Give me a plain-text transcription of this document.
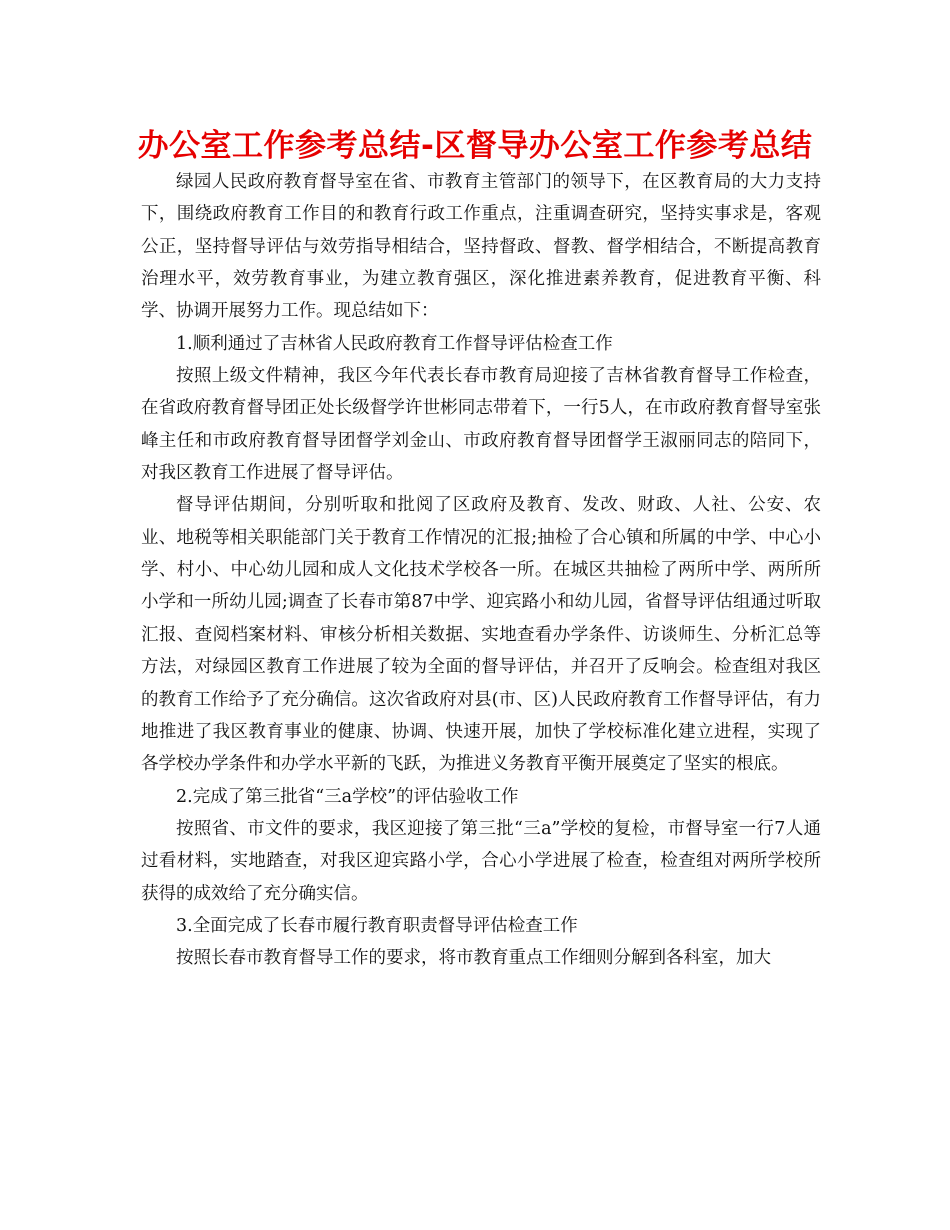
办公室工作参考总结-区督导办公室工作参考总结

绿园人民政府教育督导室在省、市教育主管部门的领导下，在区教育局的大力支持下，围绕政府教育工作目的和教育行政工作重点，注重调查研究，坚持实事求是，客观公正，坚持督导评估与效劳指导相结合，坚持督政、督教、督学相结合，不断提高教育治理水平，效劳教育事业，为建立教育强区，深化推进素养教育，促进教育平衡、科学、协调开展努力工作。现总结如下：

1.顺利通过了吉林省人民政府教育工作督导评估检查工作

按照上级文件精神，我区今年代表长春市教育局迎接了吉林省教育督导工作检查，在省政府教育督导团正处长级督学许世彬同志带着下，一行5人，在市政府教育督导室张峰主任和市政府教育督导团督学刘金山、市政府教育督导团督学王淑丽同志的陪同下，对我区教育工作进展了督导评估。

督导评估期间，分别听取和批阅了区政府及教育、发改、财政、人社、公安、农业、地税等相关职能部门关于教育工作情况的汇报;抽检了合心镇和所属的中学、中心小学、村小、中心幼儿园和成人文化技术学校各一所。在城区共抽检了两所中学、两所所小学和一所幼儿园;调查了长春市第87中学、迎宾路小和幼儿园，省督导评估组通过听取汇报、查阅档案材料、审核分析相关数据、实地查看办学条件、访谈师生、分析汇总等方法，对绿园区教育工作进展了较为全面的督导评估，并召开了反响会。检查组对我区的教育工作给予了充分确信。这次省政府对县(市、区)人民政府教育工作督导评估，有力地推进了我区教育事业的健康、协调、快速开展，加快了学校标准化建立进程，实现了各学校办学条件和办学水平新的飞跃，为推进义务教育平衡开展奠定了坚实的根底。

2.完成了第三批省“三a学校”的评估验收工作

按照省、市文件的要求，我区迎接了第三批“三a”学校的复检，市督导室一行7人通过看材料，实地踏查，对我区迎宾路小学，合心小学进展了检查，检查组对两所学校所获得的成效给了充分确实信。

3.全面完成了长春市履行教育职责督导评估检查工作

按照长春市教育督导工作的要求，将市教育重点工作细则分解到各科室，加大
